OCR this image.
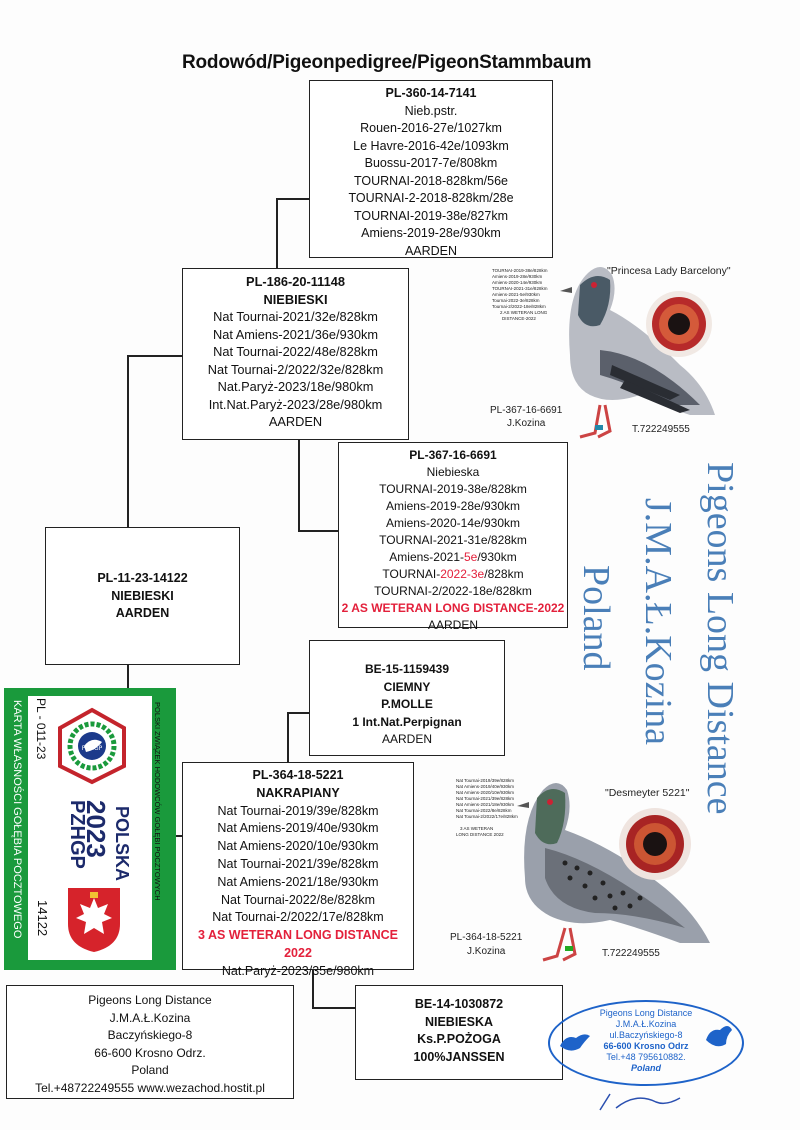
Rodowód/Pigeonpedigree/PigeonStammbaum
PL-360-14-7141
Nieb.pstr.
Rouen-2016-27e/1027km
Le Havre-2016-42e/1093km
Buossu-2017-7e/808km
TOURNAI-2018-828km/56e
TOURNAI-2-2018-828km/28e
TOURNAI-2019-38e/827km
Amiens-2019-28e/930km
AARDEN
PL-186-20-11148
NIEBIESKI
Nat Tournai-2021/32e/828km
Nat Amiens-2021/36e/930km
Nat Tournai-2022/48e/828km
Nat Tournai-2/2022/32e/828km
Nat.Paryż-2023/18e/980km
Int.Nat.Paryż-2023/28e/980km
AARDEN
PL-367-16-6691
Niebieska
TOURNAI-2019-38e/828km
Amiens-2019-28e/930km
Amiens-2020-14e/930km
TOURNAI-2021-31e/828km
Amiens-2021-5e/930km
TOURNAI-2022-3e/828km
TOURNAI-2/2022-18e/828km
2 AS WETERAN LONG DISTANCE-2022
AARDEN
PL-11-23-14122
NIEBIESKI
AARDEN
BE-15-1159439
CIEMNY
P.MOLLE
1 Int.Nat.Perpignan
AARDEN
PL-364-18-5221
NAKRAPIANY
Nat Tournai-2019/39e/828km
Nat Amiens-2019/40e/930km
Nat Amiens-2020/10e/930km
Nat Tournai-2021/39e/828km
Nat Amiens-2021/18e/930km
Nat Tournai-2022/8e/828km
Nat Tournai-2/2022/17e/828km
3 AS WETERAN LONG DISTANCE 2022
Nat.Paryż-2023/35e/980km
BE-14-1030872
NIEBIESKA
Ks.P.POŻOGA
100%JANSSEN
Pigeons Long Distance
J.M.A.Ł.Kozina
Baczyńskiego-8
66-600 Krosno Odrz.
Poland
Tel.+48722249555 www.wezachod.hostit.pl
TOURNAI-2019-38e/828km
Amiens-2019-28e/930km
Amiens-2020-14e/930km
TOURNAI-2021-31e/828km
Amiens-2021-5e/930km
Tournai-2022-3e/828km
Tournai-2/2022-18e/828km
2 AS WETERAN LONG
DISTANCE-2022
"Princesa Lady Barcelony"
PL-367-16-6691
J.Kozina
T.722249555
Nat Tournai-2019/39e/828km
Nat Amiens-2019/40e/930km
Nat Amiens-2020/10e/930km
Nat Tournai-2021/39e/828km
Nat Amiens-2021/18e/930km
Nat Tournai-2022/8e/828km
Nat Tournai-2/2022/17e/828km
3 AS WETERAN
LONG DISTANCE 2022
"Desmeyter 5221"
PL-364-18-5221
J.Kozina	T.722249555
Pigeons Long Distance
J.M.A.Ł.Kozina
Poland
KARTA WŁASNOŚCI GOŁĘBIA POCZTOWEGO PL - 011-23	POLSKI ZWIĄZEK HODOWCÓW GOŁĘBI POCZTOWYCH
POLSKA
2023
PZHGP
14122
PZHGP
Pigeons Long Distance
J.M.A.Ł.Kozina
ul.Baczyńskiego-8
66-600 Krosno Odrz
Tel.+48 795610882.
Poland
